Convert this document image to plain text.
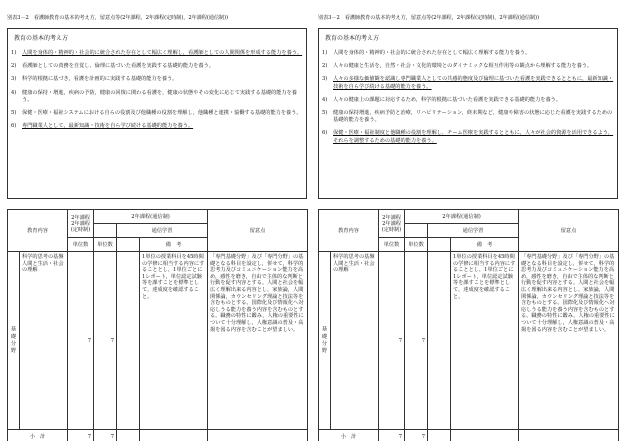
別表3－2　看護師教育の基本的考え方，留意点等(2年課程，2年課程(定時制)，2年課程(通信制))
教育の基本的考え方
1)	人間を身体的・精神的・社会的に統合された存在として幅広く理解し，看護師としての人間関係を形成する能力を養う。
2)	看護師としての責務を自覚し，倫理に基づいた看護を実践する基礎的能力を養う。
3)	科学的根拠に基づき，看護を計画的に実践する基礎的能力を養う。
4)	健康の保持・増進，疾病の予防，健康の回復に関わる看護を，健康の状態やその変化に応じて実践する基礎的能力を養う。
5)	保健・医療・福祉システムにおける自らの役割及び他職種の役割を理解し，他職種と連携・協働する基礎的能力を養う。
6)	専門職業人として，最新知識・技術を自ら学び続ける基礎的能力を養う。
教育内容		2年課程
2年課程
(定時制)	2年課程(通信制)			留意点
				通信学習		
		単位数	単位数		備　考	
基礎分野	科学的思考の基盤
人間と生活・社会の理解	7	7		1単位の授業科目を45時間の学修に相当する内容にすることとし，1単位ごとに1レポート，単位認定試験等を課すことを標準として，達成度を確認すること。	「専門基礎分野」及び「専門分野」の基礎となる科目を設定し，併せて，科学的思考力及びコミュニケーション能力を高め，感性を磨き，自由で主体的な判断と行動を促す内容とする。人間と社会を幅広く理解出来る内容とし，家族論，人間関係論，カウンセリング理論と技法等を含むものとする。国際化及び情報化へ対応しうる能力を養う内容を含むものとする。職務の特性に鑑み，人権の重要性について十分理解し，人権意識の普及・高揚を図る内容を含むことが望ましい。
小　計		7	7			
別表3－2　看護師教育の基本的考え方，留意点等(2年課程，2年課程(定時制)，2年課程(通信制))
教育の基本的考え方
1)	人間を身体的・精神的・社会的に統合された存在として幅広く理解する能力を養う。
2)	人々の健康と生活を，自然・社会・文化的環境とのダイナミックな相互作用等の観点から理解する能力を養う。
3)	人々の多様な価値観を認識し専門職業人としての共感的態度及び倫理に基づいた看護を実践できるとともに，最新知識・技術を自ら学び続ける基礎的能力を養う。
4)	人々の健康上の課題に対応するため，科学的根拠に基づいた看護を実践できる基礎的能力を養う。
5)	健康の保持増進，疾病予防と治療，リハビリテーション，終末期など，健康や障害の状態に応じた看護を実践するための基礎的能力を養う。
6)	保健・医療・福祉制度と他職種の役割を理解し，チーム医療を実践するとともに，人々が社会的資源を活用できるよう，それらを調整するための基礎的能力を養う。
教育内容		2年課程
2年課程
(定時制)	2年課程(通信制)			留意点
				通信学習		
		単位数	単位数		備　考	
基礎分野	科学的思考の基盤
人間と生活・社会の理解	7	7		1単位の授業科目を45時間の学修に相当する内容にすることとし，1単位ごとに1レポート，単位認定試験等を課すことを標準として，達成度を確認すること。	「専門基礎分野」及び「専門分野」の基礎となる科目を設定し，併せて，科学的思考力及びコミュニケーション能力を高め，感性を磨き，自由で主体的な判断と行動を促す内容とする。人間と社会を幅広く理解出来る内容とし，家族論，人間関係論，カウンセリング理論と技法等を含むものとする。国際化及び情報化へ対応しうる能力を養う内容を含むものとする。職務の特性に鑑み，人権の重要性について十分理解し，人権意識の普及・高揚を図る内容を含むことが望ましい。
小　計		7	7			
